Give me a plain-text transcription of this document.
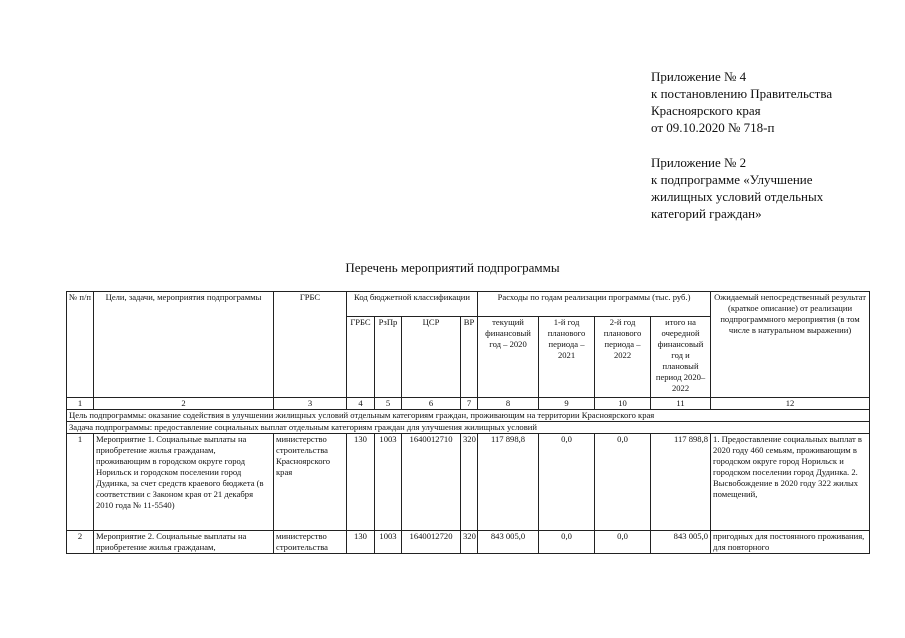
Приложение № 4
к постановлению Правительства
Красноярского края
от 09.10.2020 № 718-п
Приложение № 2
к подпрограмме «Улучшение
жилищных условий отдельных
категорий граждан»
Перечень мероприятий подпрограммы
№ п/п	Цели, задачи, мероприятия подпрограммы	ГРБС	Код бюджетной классификации				Расходы по годам реализации программы (тыс. руб.)				Ожидаемый непосредственный результат (краткое описание) от реализации подпрограммного мероприятия (в том числе в натуральном выражении)
			ГРБС	РзПр	ЦСР	ВР	текущий финансовый год – 2020	1-й год планового периода – 2021	2-й год планового периода – 2022	итого на очередной финансовый год и плановый период 2020–2022	
1	2	3	4	5	6	7	8	9	10	11	12
Цель подпрограммы: оказание содействия в улучшении жилищных условий отдельным категориям граждан, проживающим на территории Красноярского края											
Задача подпрограммы: предоставление социальных выплат отдельным категориям граждан для улучшения жилищных условий											
1	Мероприятие 1. Социальные выплаты на приобретение жилья гражданам, проживающим в городском округе город Норильск и городском поселении город Дудинка, за счет средств краевого бюджета (в соответствии с Законом края от 21 декабря 2010 года № 11-5540)	министерство строительства Красноярского края	130	1003	1640012710	320	117 898,8	0,0	0,0	117 898,8	1. Предоставление социальных выплат в 2020 году 460 семьям, проживающим в городском округе город Норильск и городском поселении город Дудинка. 2. Высвобождение в 2020 году 322 жилых помещений,
2	Мероприятие 2. Социальные выплаты на приобретение жилья гражданам,	министерство строительства	130	1003	1640012720	320	843 005,0	0,0	0,0	843 005,0	пригодных для постоянного проживания, для повторного
